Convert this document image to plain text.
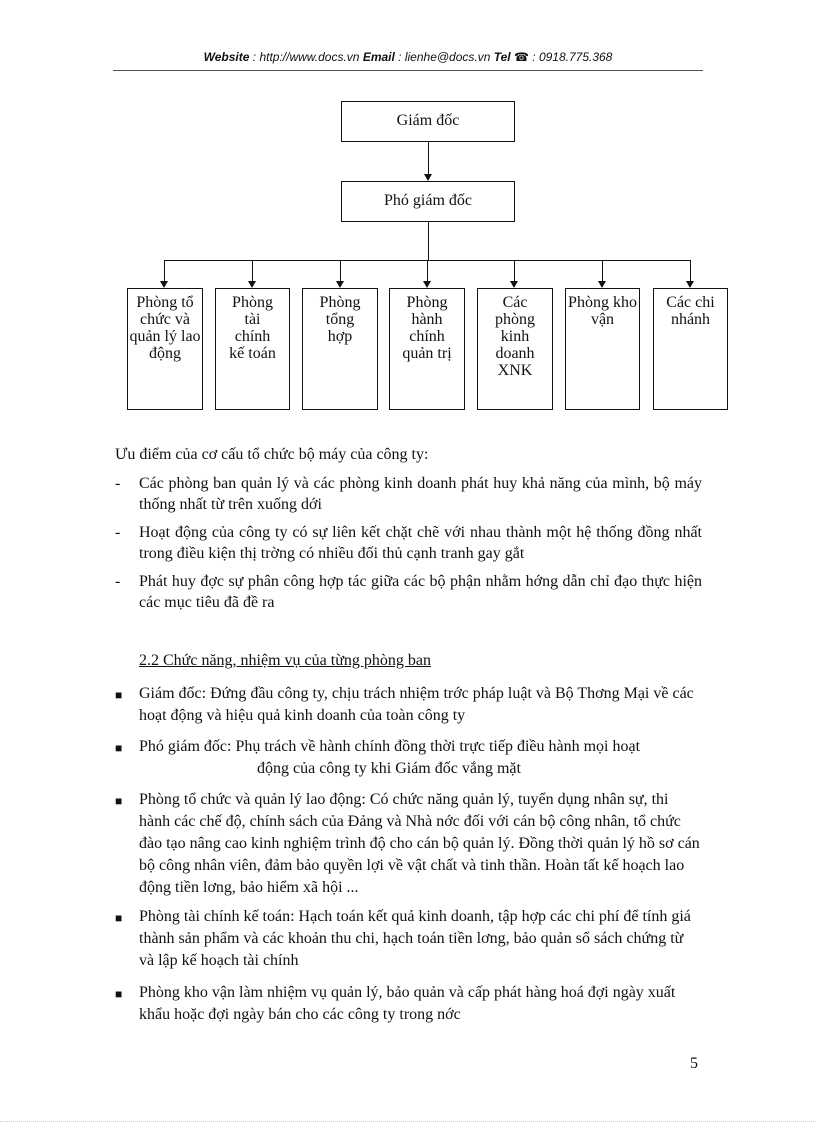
Website : http://www.docs.vn Email : lienhe@docs.vn Tel ☎ : 0918.775.368
Giám đốc
Phó giám đốc
Phòng tổ chức và quản lý lao động
Phòng tài chính kế toán
Phòng tổng hợp
Phòng hành chính quản trị
Các phòng kinh doanh XNK
Phòng kho vận
Các chi nhánh
Ưu điểm của cơ cấu tổ chức bộ máy của công ty:
- Các phòng ban quản lý và các phòng kinh doanh phát huy khả năng của mình, bộ máy thống nhất từ trên xuống dới
- Hoạt động của công ty có sự liên kết chặt chẽ với nhau thành một hệ thống đồng nhất trong điều kiện thị trờng có nhiều đối thủ cạnh tranh gay gắt
- Phát huy đợc sự phân công hợp tác giữa các bộ phận nhằm hớng dẫn chỉ đạo thực hiện các mục tiêu đã đề ra
2.2 Chức năng, nhiệm vụ của từng phòng ban
■ Giám đốc: Đứng đầu công ty, chịu trách nhiệm trớc pháp luật và Bộ Thơng Mại về các hoạt động và hiệu quả kinh doanh của toàn công ty
■ Phó giám đốc: Phụ trách về hành chính đồng thời trực tiếp điều hành mọi hoạt
động của công ty khi Giám đốc vắng mặt
■ Phòng tổ chức và quản lý lao động: Có chức năng quản lý, tuyển dụng nhân sự, thi hành các chế độ, chính sách của Đảng và Nhà nớc đối với cán bộ công nhân, tổ chức đào tạo nâng cao kinh nghiệm trình độ cho cán bộ quản lý. Đồng thời quản lý hồ sơ cán bộ công nhân viên, đảm bảo quyền lợi về vật chất và tinh thần. Hoàn tất kế hoạch lao động tiền lơng, bảo hiểm xã hội ...
■ Phòng tài chính kế toán: Hạch toán kết quả kinh doanh, tập hợp các chi phí để tính giá thành sản phẩm và các khoản thu chi, hạch toán tiền lơng, bảo quản sổ sách chứng từ và lập kế hoạch tài chính
■ Phòng kho vận làm nhiệm vụ quản lý, bảo quản và cấp phát hàng hoá đợi ngày xuất khẩu hoặc đợi ngày bán cho các công ty trong nớc
5
